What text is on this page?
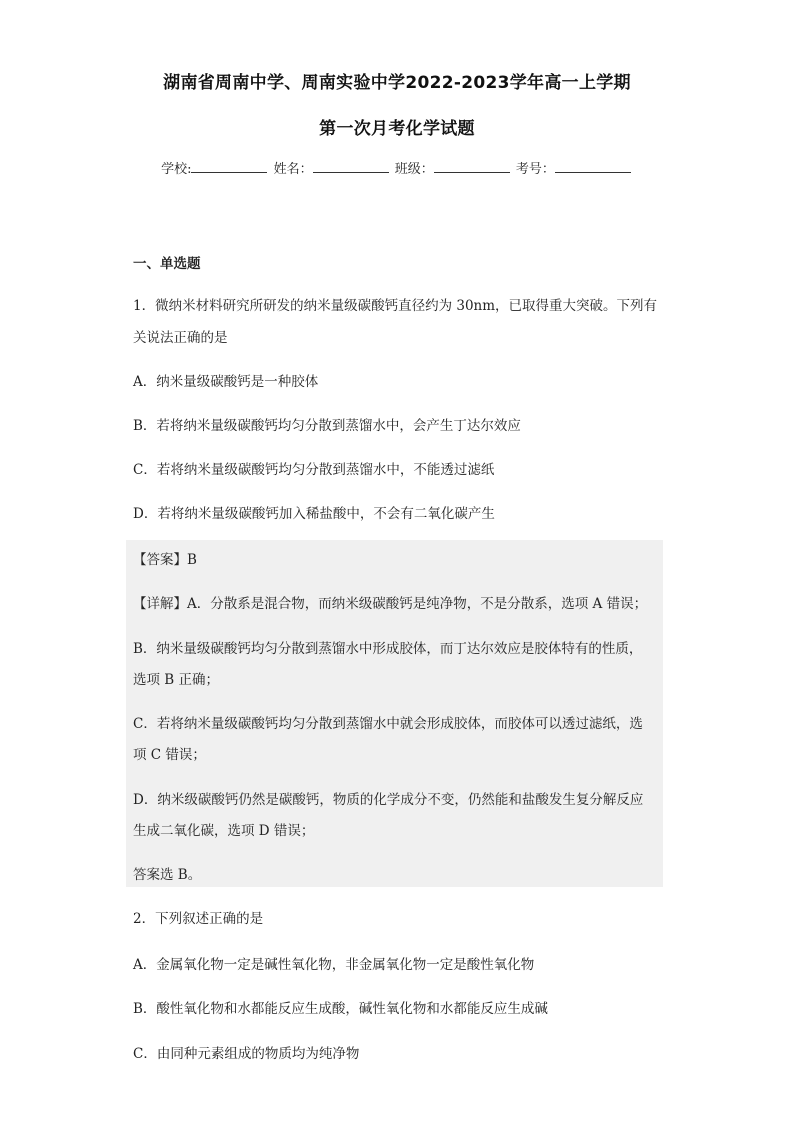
湖南省周南中学、周南实验中学2022-2023学年高一上学期
第一次月考化学试题
学校:	姓名：	班级：	考号：
一、单选题
1．微纳米材料研究所研发的纳米量级碳酸钙直径约为 30nm，已取得重大突破。下列有
关说法正确的是
A．纳米量级碳酸钙是一种胶体
B．若将纳米量级碳酸钙均匀分散到蒸馏水中，会产生丁达尔效应
C．若将纳米量级碳酸钙均匀分散到蒸馏水中，不能透过滤纸
D．若将纳米量级碳酸钙加入稀盐酸中，不会有二氧化碳产生
【答案】B
【详解】A．分散系是混合物，而纳米级碳酸钙是纯净物，不是分散系，选项 A 错误；
B．纳米量级碳酸钙均匀分散到蒸馏水中形成胶体，而丁达尔效应是胶体特有的性质，
选项 B 正确；
C．若将纳米量级碳酸钙均匀分散到蒸馏水中就会形成胶体，而胶体可以透过滤纸，选
项 C 错误；
D．纳米级碳酸钙仍然是碳酸钙，物质的化学成分不变，仍然能和盐酸发生复分解反应
生成二氧化碳，选项 D 错误；
答案选 B。
2．下列叙述正确的是
A．金属氧化物一定是碱性氧化物，非金属氧化物一定是酸性氧化物
B．酸性氧化物和水都能反应生成酸，碱性氧化物和水都能反应生成碱
C．由同种元素组成的物质均为纯净物
